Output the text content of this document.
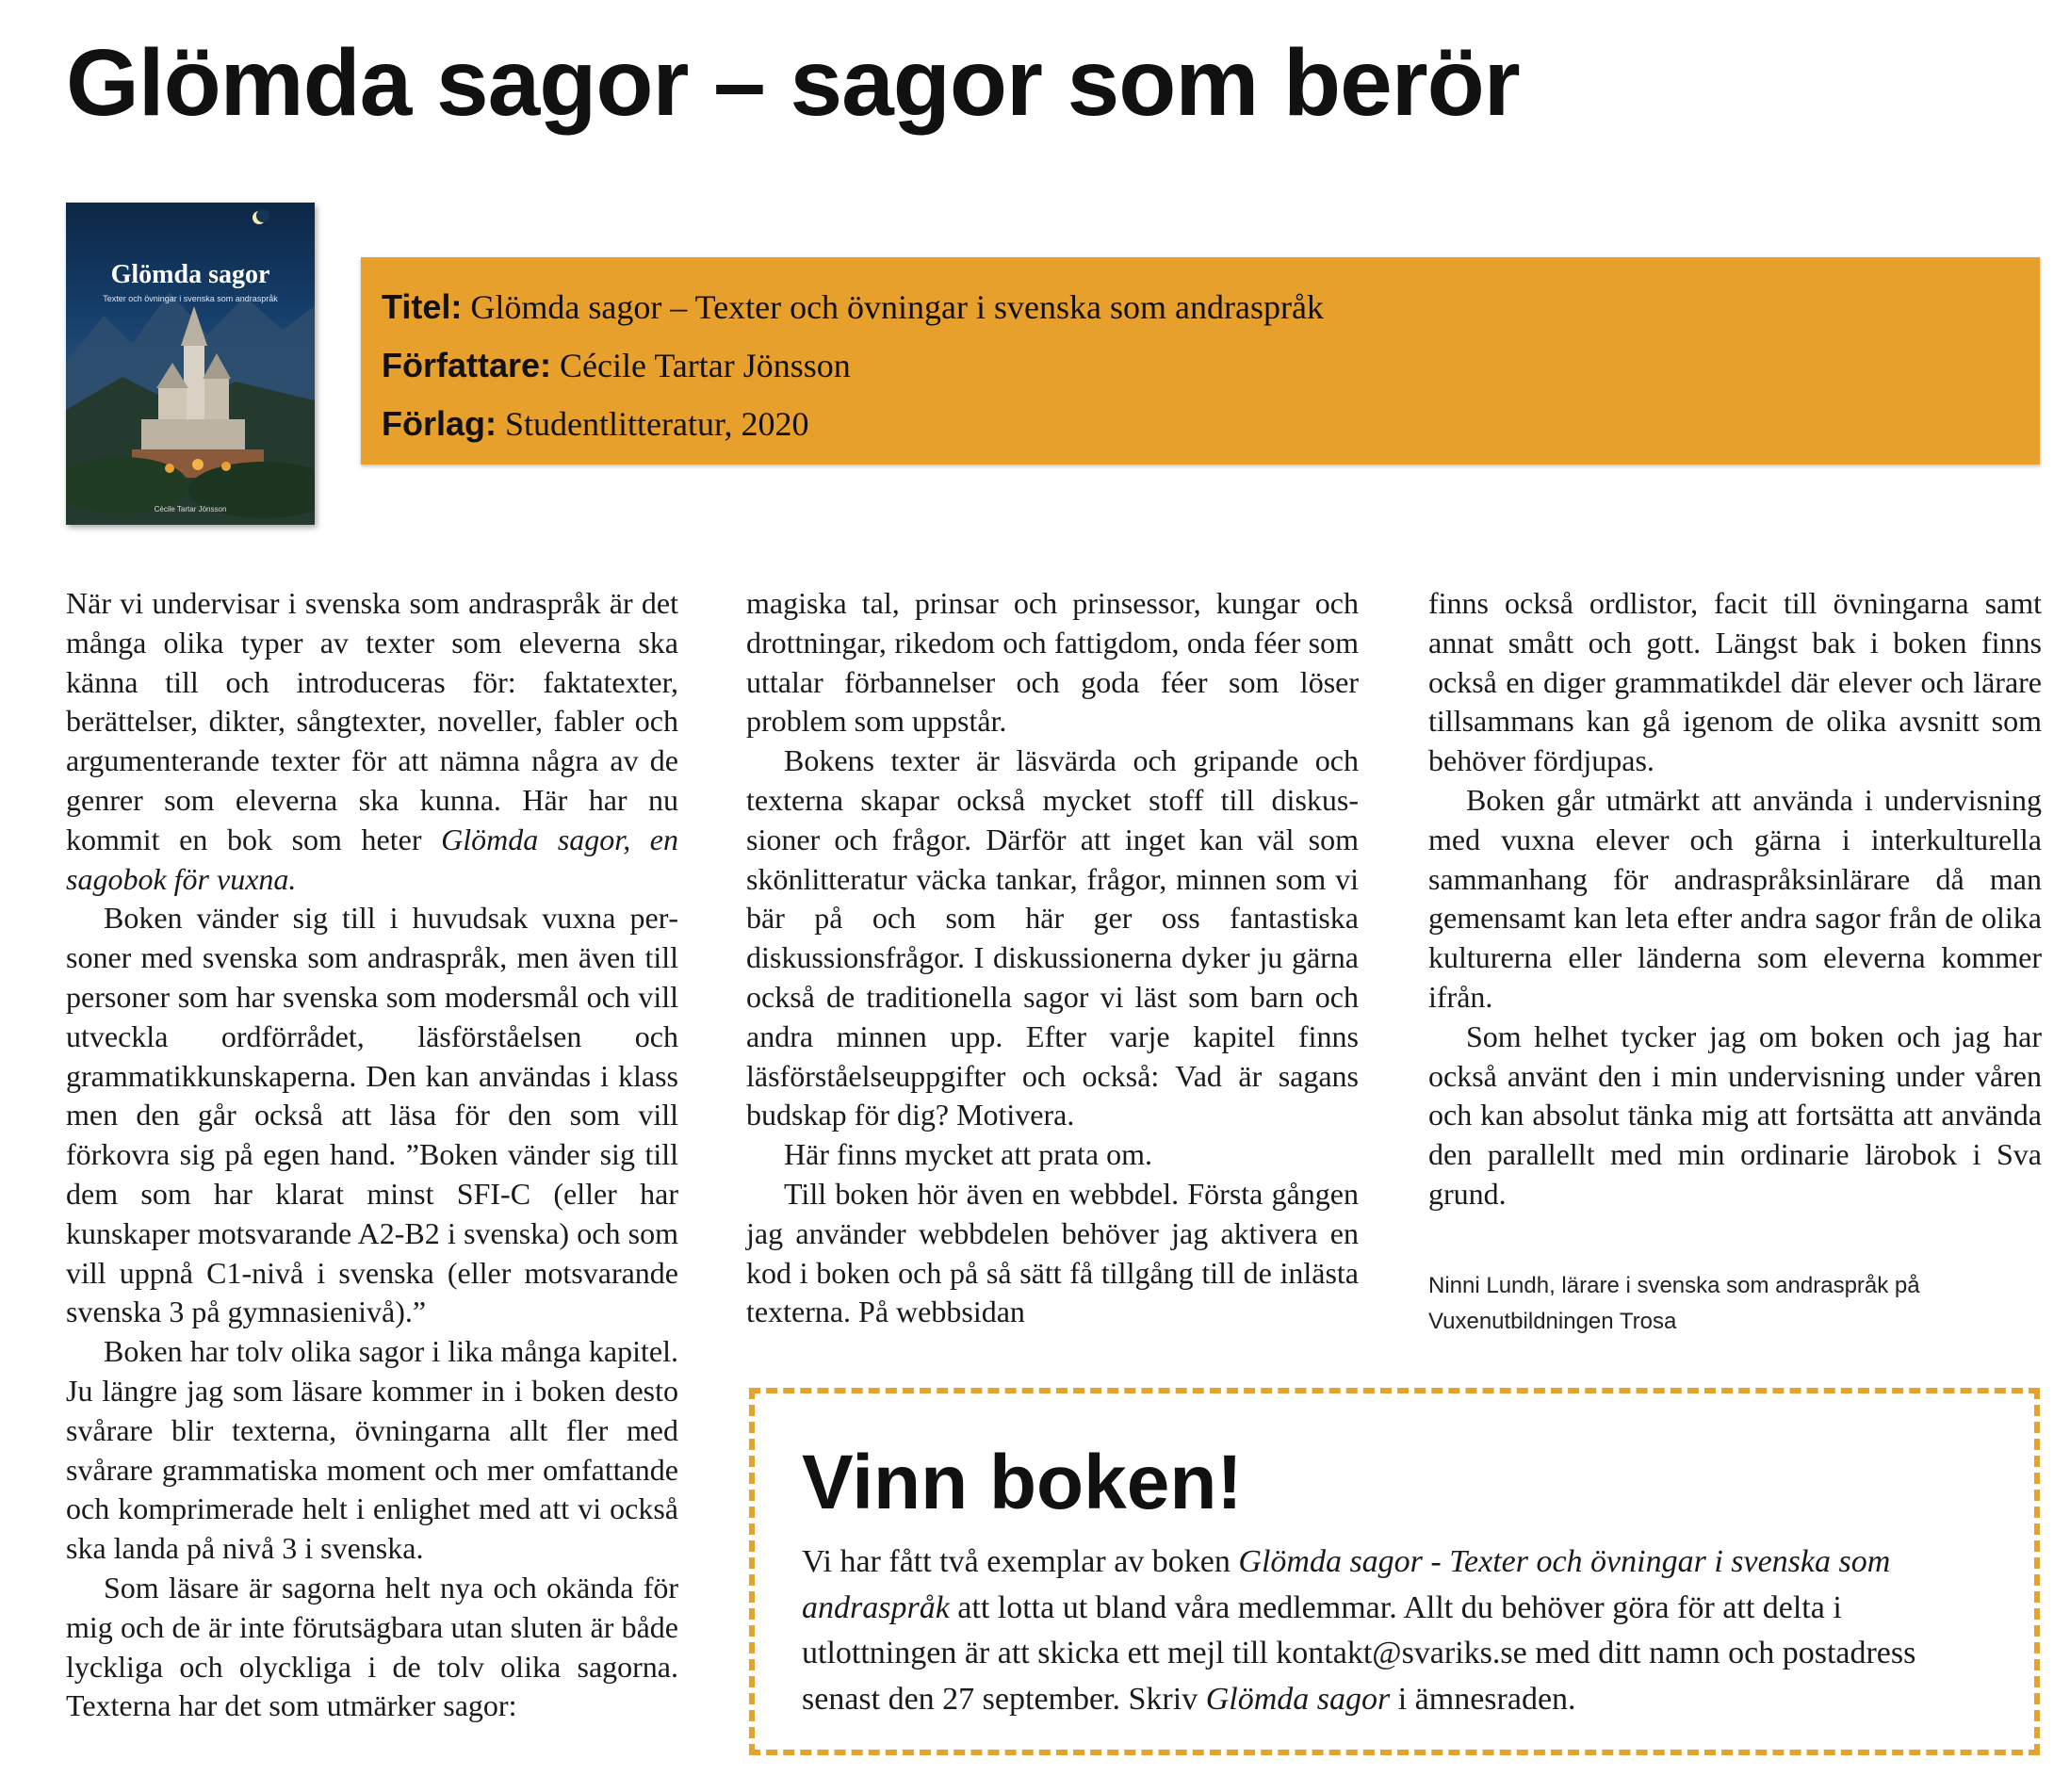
Glömda sagor – sagor som berör
Glömda sagor
Texter och övningar i svenska som andraspråk
Cécile Tartar Jönsson
Titel: Glömda sagor – Texter och övningar i svenska som andraspråk
Författare: Cécile Tartar Jönsson
Förlag: Studentlitteratur, 2020

När vi undervisar i svenska som andraspråk är det många olika typer av texter som eleverna ska känna till och introduceras för: faktatexter, berättelser, dikter, sångtexter, noveller, fabler och argumenterande texter för att nämna några av de genrer som eleverna ska kunna. Här har nu kommit en bok som heter Glömda sagor, en sagobok för vuxna.

Boken vänder sig till i huvudsak vuxna personer med svenska som andraspråk, men även till personer som har svenska som modersmål och vill utveckla ordförrådet, läsförståelsen och grammatikkunskaperna. Den kan användas i klass men den går också att läsa för den som vill förkovra sig på egen hand. ”Boken vänder sig till dem som har klarat minst SFI-C (eller har kunskaper motsvarande A2-B2 i svenska) och som vill uppnå C1-nivå i svenska (eller motsvarande svenska 3 på gymnasienivå).”

Boken har tolv olika sagor i lika många kapitel. Ju längre jag som läsare kommer in i boken desto svårare blir texterna, övningarna allt fler med svårare grammatiska moment och mer omfattande och komprimerade helt i enlighet med att vi också ska landa på nivå 3 i svenska.

Som läsare är sagorna helt nya och okända för mig och de är inte förutsägbara utan sluten är både lyckliga och olyckliga i de tolv olika sagorna. Texterna har det som utmärker sagor:

magiska tal, prinsar och prinsessor, kungar och drottningar, rikedom och fattigdom, onda féer som uttalar förbannelser och goda féer som löser problem som uppstår.

Bokens texter är läsvärda och gripande och texterna skapar också mycket stoff till diskussioner och frågor. Därför att inget kan väl som skönlitteratur väcka tankar, frågor, minnen som vi bär på och som här ger oss fantastiska diskussionsfrågor. I diskussionerna dyker ju gärna också de traditionella sagor vi läst som barn och andra minnen upp. Efter varje kapitel finns läsförståelseuppgifter och också: Vad är sagans budskap för dig? Motivera.

Här finns mycket att prata om.

Till boken hör även en webbdel. Första gången jag använder webbdelen behöver jag aktivera en kod i boken och på så sätt få tillgång till de inlästa texterna. På webbsidan

finns också ordlistor, facit till övningarna samt annat smått och gott. Längst bak i boken finns också en diger grammatikdel där elever och lärare tillsammans kan gå igenom de olika avsnitt som behöver fördjupas.

Boken går utmärkt att använda i undervisning med vuxna elever och gärna i interkulturella sammanhang för andraspråksinlärare då man gemensamt kan leta efter andra sagor från de olika kulturerna eller länderna som eleverna kommer ifrån.

Som helhet tycker jag om boken och jag har också använt den i min undervisning under våren och kan absolut tänka mig att fortsätta att använda den parallellt med min ordinarie lärobok i Sva grund.

Ninni Lundh, lärare i svenska som andraspråk på
Vuxenutbildningen Trosa
Vinn boken!

Vi har fått två exemplar av boken Glömda sagor - Texter och övningar i svenska som andraspråk att lotta ut bland våra medlemmar. Allt du behöver göra för att delta i utlottningen är att skicka ett mejl till kontakt@svariks.se med ditt namn och postadress senast den 27 september. Skriv Glömda sagor i ämnesraden.
